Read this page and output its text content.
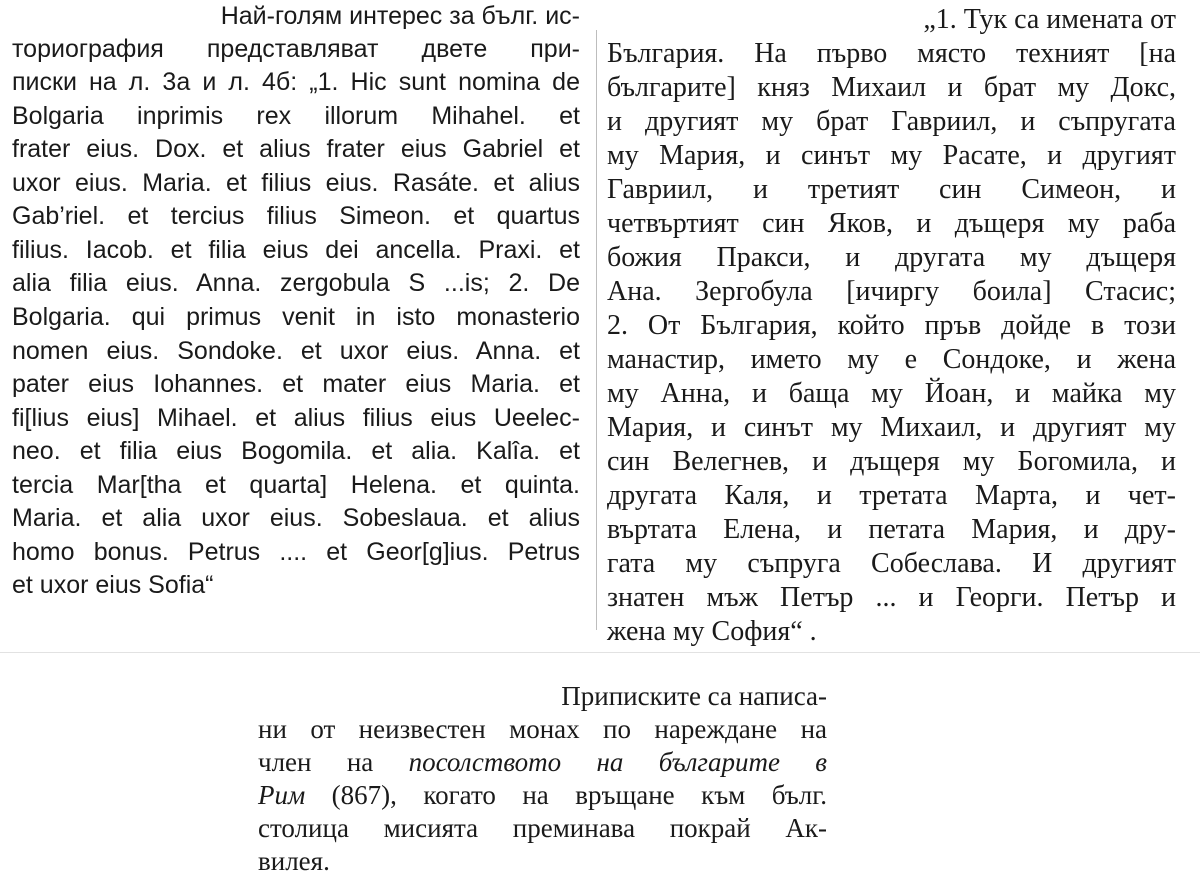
Най-голям интерес за бълг. ис-
ториография представляват двете при-
писки на л. 3а и л. 4б: „1. Hic sunt nomina de
Bolgaria inprimis rex illorum Mihahel. et
frater eius. Dox. et alius frater eius Gabriel et
uxor eius. Maria. et filius eius. Rasáte. et alius
Gab’riel. et tercius filius Simeon. et quartus
filius. Iacob. et filia eius dei ancella. Praxi. et
alia filia eius. Anna. zergobula S ...is; 2. De
Bolgaria. qui primus venit in isto monasterio
nomen eius. Sondoke. et uxor eius. Anna. et
pater eius Iohannes. et mater eius Maria. et
fi[lius eius] Mihael. et alius filius eius Ueelec-
neo. et filia eius Bogomila. et alia. Kalîa. et
tercia Mar[tha et quarta] Helena. et quinta.
Maria. et alia uxor eius. Sobeslaua. et alius
homo bonus. Petrus .... et Geor[g]ius. Petrus
et uxor eius Sofia“
„1. Тук са имената от
България. На първо място техният [на
българите] княз Михаил и брат му Докс,
и другият му брат Гавриил, и съпругата
му Мария, и синът му Расате, и другият
Гавриил, и третият син Симеон, и
четвъртият син Яков, и дъщеря му раба
божия Пракси, и другата му дъщеря
Ана. Зергобула [ичиргу боила] Стасис;
2. От България, който пръв дойде в този
манастир, името му е Сондоке, и жена
му Анна, и баща му Йоан, и майка му
Мария, и синът му Михаил, и другият му
син Велегнев, и дъщеря му Богомила, и
другата Каля, и третата Марта, и чет-
въртата Елена, и петата Мария, и дру-
гата му съпруга Собеслава. И другият
знатен мъж Петър ... и Георги. Петър и
жена му София“ .
Приписките са написа-
ни от неизвестен монах по нареждане на
член на посолството на българите в
Рим (867), когато на връщане към бълг.
столица мисията преминава покрай Ак-
вилея.
